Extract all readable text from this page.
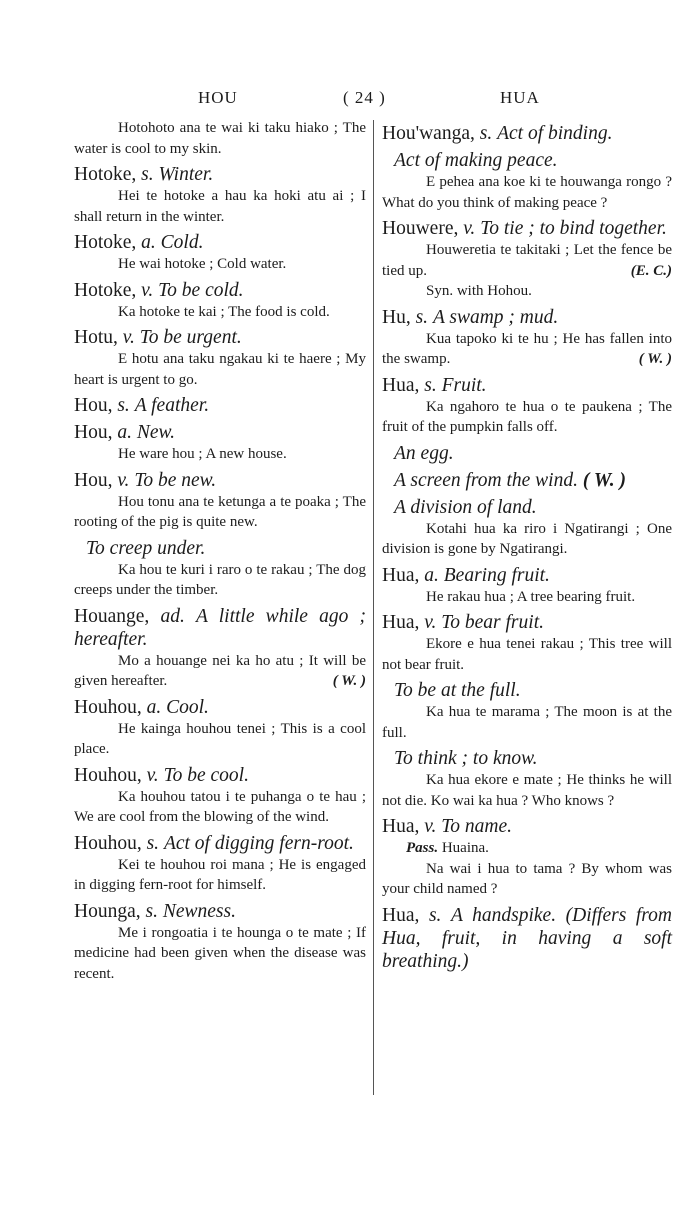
HOU	( 24 )	HUA
Hotohoto ana te wai ki taku hiako ; The water is cool to my skin.
Hotoke, s. Winter.
Hei te hotoke a hau ka hoki atu ai ; I shall return in the winter.
Hotoke, a. Cold.
He wai hotoke ; Cold water.
Hotoke, v. To be cold.
Ka hotoke te kai ; The food is cold.
Hotu, v. To be urgent.
E hotu ana taku ngakau ki te haere ; My heart is urgent to go.
Hou, s. A feather.
Hou, a. New.
He ware hou ; A new house.
Hou, v. To be new.
Hou tonu ana te ketunga a te poaka ; The rooting of the pig is quite new.
To creep under.
Ka hou te kuri i raro o te rakau ; The dog creeps under the timber.
Houange, ad. A little while ago ; hereafter.
Mo a houange nei ka ho atu ; It will be given hereafter.	( W. )
Houhou, a. Cool.
He kainga houhou tenei ; This is a cool place.
Houhou, v. To be cool.
Ka houhou tatou i te puhanga o te hau ; We are cool from the blowing of the wind.
Houhou, s. Act of digging fern-root.
Kei te houhou roi mana ; He is engaged in digging fern-root for himself.
Hounga, s. Newness.
Me i rongoatia i te hounga o te mate ; If medicine had been given when the disease was recent.
Hou'wanga, s. Act of binding.
Act of making peace.
E pehea ana koe ki te houwanga rongo ? What do you think of making peace ?
Houwere, v. To tie ; to bind together.
Houweretia te takitaki ; Let the fence be tied up.	(E. C.)
Syn. with Hohou.
Hu, s. A swamp ; mud.
Kua tapoko ki te hu ; He has fallen into the swamp.	( W. )
Hua, s. Fruit.
Ka ngahoro te hua o te paukena ; The fruit of the pumpkin falls off.
An egg.
A screen from the wind. ( W. )
A division of land.
Kotahi hua ka riro i Ngatirangi ; One division is gone by Ngatirangi.
Hua, a. Bearing fruit.
He rakau hua ; A tree bearing fruit.
Hua, v. To bear fruit.
Ekore e hua tenei rakau ; This tree will not bear fruit.
To be at the full.
Ka hua te marama ; The moon is at the full.
To think ; to know.
Ka hua ekore e mate ; He thinks he will not die. Ko wai ka hua ? Who knows ?
Hua, v. To name.
Pass. Huaina.
Na wai i hua to tama ? By whom was your child named ?
Hua, s. A handspike. (Differs from Hua, fruit, in having a soft breathing.)
